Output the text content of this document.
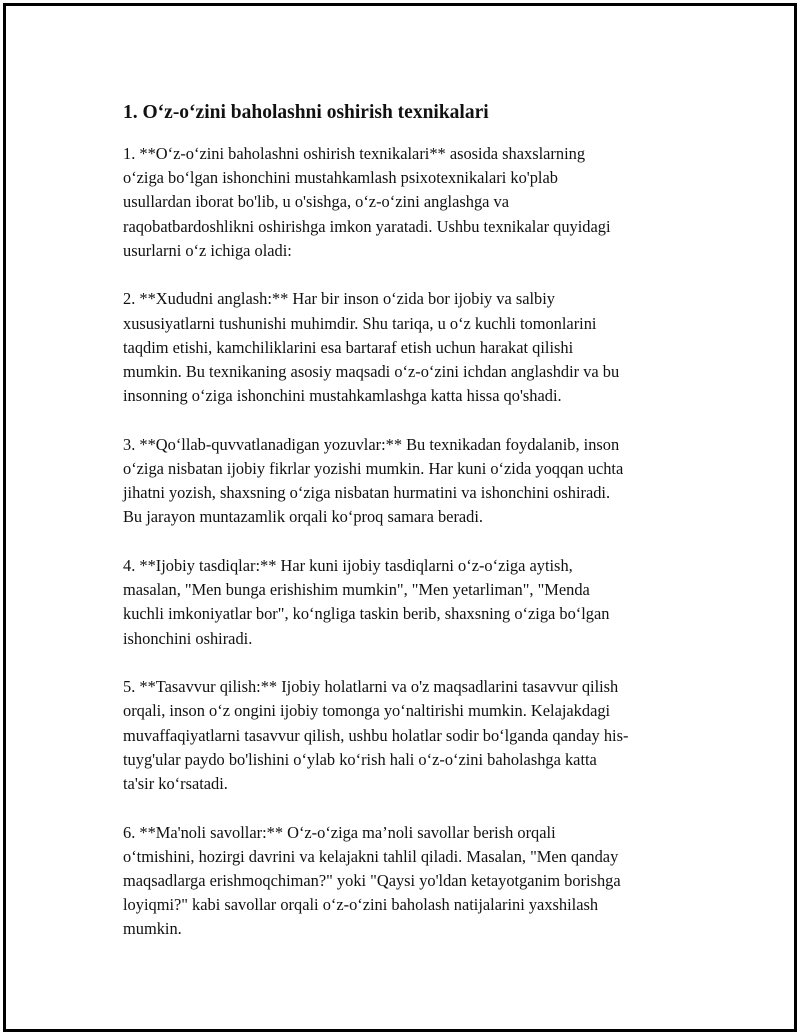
1. O‘z-o‘zini baholashni oshirish texnikalari

1. **O‘z-o‘zini baholashni oshirish texnikalari** asosida shaxslarning
o‘ziga bo‘lgan ishonchini mustahkamlash psixotexnikalari ko'plab
usullardan iborat bo'lib, u o'sishga, o‘z-o‘zini anglashga va
raqobatbardoshlikni oshirishga imkon yaratadi. Ushbu texnikalar quyidagi
usurlarni o‘z ichiga oladi:

2. **Xududni anglash:** Har bir inson o‘zida bor ijobiy va salbiy
xususiyatlarni tushunishi muhimdir. Shu tariqa, u o‘z kuchli tomonlarini
taqdim etishi, kamchiliklarini esa bartaraf etish uchun harakat qilishi
mumkin. Bu texnikaning asosiy maqsadi o‘z-o‘zini ichdan anglashdir va bu
insonning o‘ziga ishonchini mustahkamlashga katta hissa qo'shadi.

3. **Qo‘llab-quvvatlanadigan yozuvlar:** Bu texnikadan foydalanib, inson
o‘ziga nisbatan ijobiy fikrlar yozishi mumkin. Har kuni o‘zida yoqqan uchta
jihatni yozish, shaxsning o‘ziga nisbatan hurmatini va ishonchini oshiradi.
Bu jarayon muntazamlik orqali ko‘proq samara beradi.

4. **Ijobiy tasdiqlar:** Har kuni ijobiy tasdiqlarni o‘z-o‘ziga aytish,
masalan, "Men bunga erishishim mumkin", "Men yetarliman", "Menda
kuchli imkoniyatlar bor", ko‘ngliga taskin berib, shaxsning o‘ziga bo‘lgan
ishonchini oshiradi.

5. **Tasavvur qilish:** Ijobiy holatlarni va o'z maqsadlarini tasavvur qilish
orqali, inson o‘z ongini ijobiy tomonga yo‘naltirishi mumkin. Kelajakdagi
muvaffaqiyatlarni tasavvur qilish, ushbu holatlar sodir bo‘lganda qanday his-
tuyg'ular paydo bo'lishini o‘ylab ko‘rish hali o‘z-o‘zini baholashga katta
ta'sir ko‘rsatadi.

6. **Ma'noli savollar:** O‘z-o‘ziga ma’noli savollar berish orqali
o‘tmishini, hozirgi davrini va kelajakni tahlil qiladi. Masalan, "Men qanday
maqsadlarga erishmoqchiman?" yoki "Qaysi yo'ldan ketayotganim borishga
loyiqmi?" kabi savollar orqali o‘z-o‘zini baholash natijalarini yaxshilash
mumkin.
